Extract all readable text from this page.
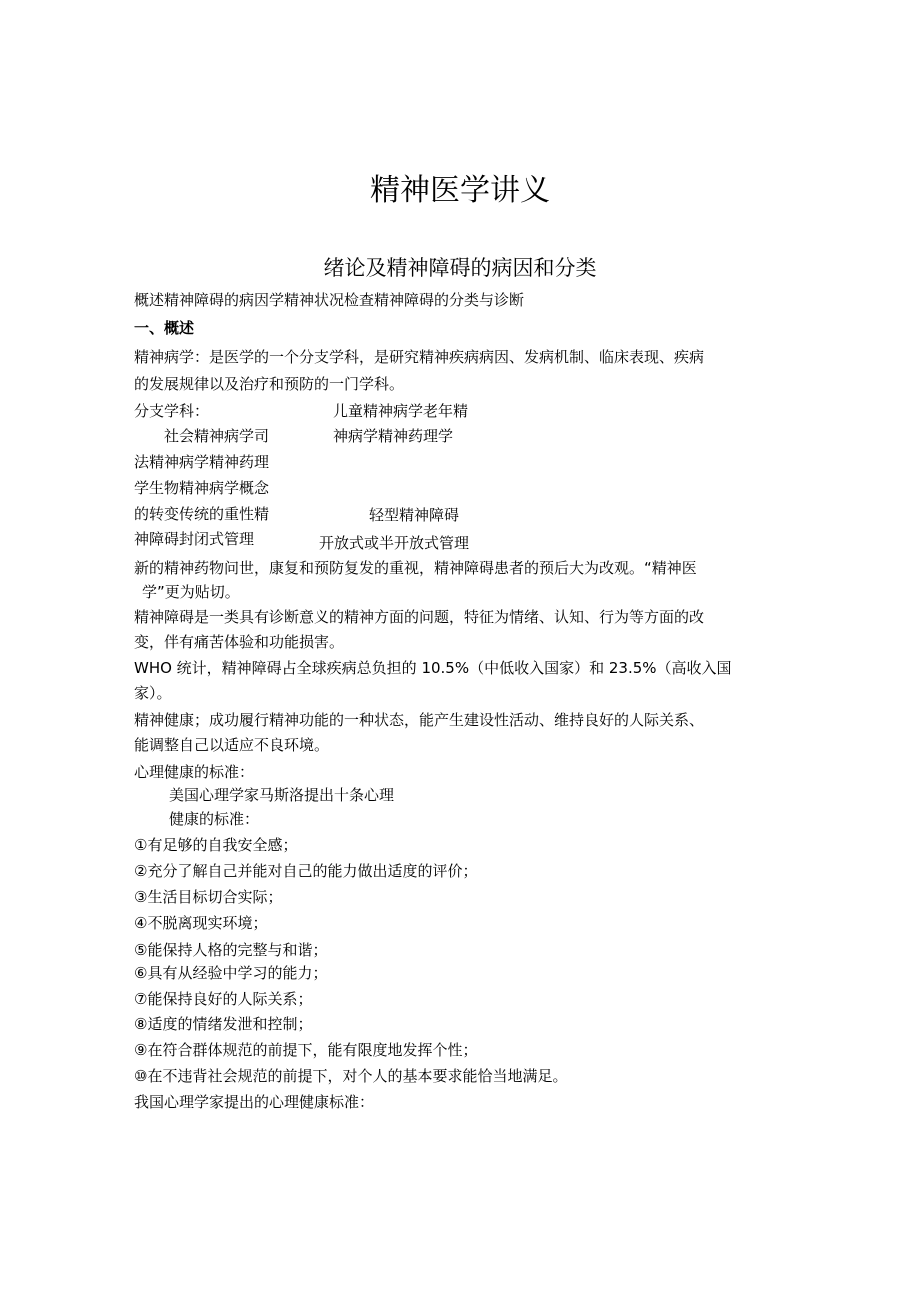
精神医学讲义
绪论及精神障碍的病因和分类
概述精神障碍的病因学精神状况检查精神障碍的分类与诊断
一、概述
精神病学：是医学的一个分支学科，是研究精神疾病病因、发病机制、临床表现、疾病
的发展规律以及治疗和预防的一门学科。
分支学科：	儿童精神病学老年精
社会精神病学司	神病学精神药理学
法精神病学精神药理
学生物精神病学概念
的转变传统的重性精	轻型精神障碍
神障碍封闭式管理	开放式或半开放式管理
新的精神药物问世，康复和预防复发的重视，精神障碍患者的预后大为改观。“精神医
学”更为贴切。
精神障碍是一类具有诊断意义的精神方面的问题，特征为情绪、认知、行为等方面的改
变，伴有痛苦体验和功能损害。
WHO 统计，精神障碍占全球疾病总负担的 10.5%（中低收入国家）和 23.5%（高收入国
家）。
精神健康；成功履行精神功能的一种状态，能产生建设性活动、维持良好的人际关系、
能调整自己以适应不良环境。
心理健康的标准：
美国心理学家马斯洛提出十条心理
健康的标准：
①有足够的自我安全感；
②充分了解自己并能对自己的能力做出适度的评价；
③生活目标切合实际；
④不脱离现实环境；
⑤能保持人格的完整与和谐；
⑥具有从经验中学习的能力；
⑦能保持良好的人际关系；
⑧适度的情绪发泄和控制；
⑨在符合群体规范的前提下，能有限度地发挥个性；
⑩在不违背社会规范的前提下，对个人的基本要求能恰当地满足。
我国心理学家提出的心理健康标准：
